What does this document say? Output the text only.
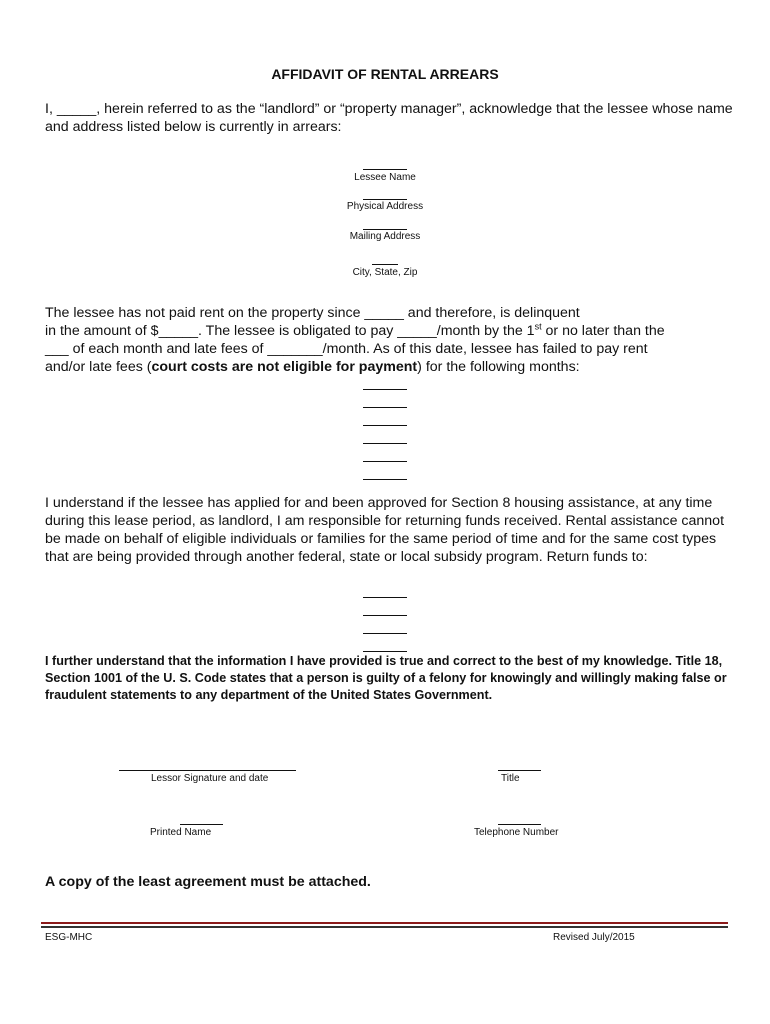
AFFIDAVIT OF RENTAL ARREARS
I, _____, herein referred to as the “landlord” or “property manager”, acknowledge that the lessee whose name and address listed below is currently in arrears:
Lessee Name
Physical Address
Mailing Address
City, State, Zip
The lessee has not paid rent on the property since _____ and therefore, is delinquent
in the amount of $_____. The lessee is obligated to pay _____/month by the 1st or no later than the
___ of each month and late fees of _______/month. As of this date, lessee has failed to pay rent
and/or late fees (court costs are not eligible for payment) for the following months:
I understand if the lessee has applied for and been approved for Section 8 housing assistance, at any time during this lease period, as landlord, I am responsible for returning funds received. Rental assistance cannot be made on behalf of eligible individuals or families for the same period of time and for the same cost types that are being provided through another federal, state or local subsidy program. Return funds to:
I further understand that the information I have provided is true and correct to the best of my knowledge. Title 18, Section 1001 of the U. S. Code states that a person is guilty of a felony for knowingly and willingly making false or fraudulent statements to any department of the United States Government.
Lessor Signature and date	Title
Printed Name	Telephone Number
A copy of the least agreement must be attached.
ESG-MHC	Revised July/2015
